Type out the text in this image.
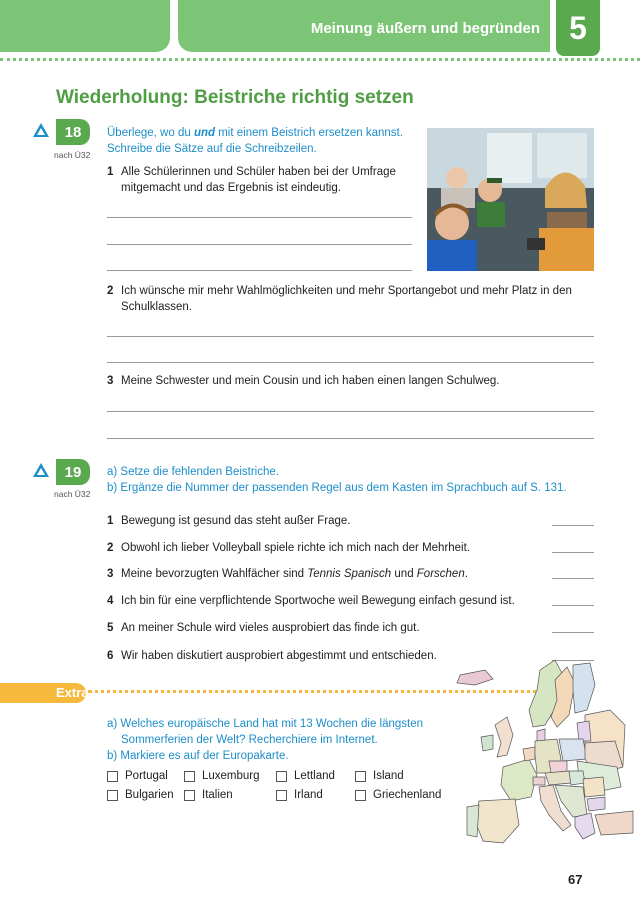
Meinung äußern und begründen 5
Wiederholung: Beistriche richtig setzen
18
nach Ü32
Überlege, wo du und mit einem Beistrich ersetzen kannst.
Schreibe die Sätze auf die Schreibzeilen.
1 Alle Schülerinnen und Schüler haben bei der Umfrage
mitgemacht und das Ergebnis ist eindeutig.
2 Ich wünsche mir mehr Wahlmöglichkeiten und mehr Sportangebot und mehr Platz in den
Schulklassen.
3 Meine Schwester und mein Cousin und ich haben einen langen Schulweg.
19
nach Ü32
a) Setze die fehlenden Beistriche.
b) Ergänze die Nummer der passenden Regel aus dem Kasten im Sprachbuch auf S. 131.
1 Bewegung ist gesund das steht außer Frage.
2 Obwohl ich lieber Volleyball spiele richte ich mich nach der Mehrheit.
3 Meine bevorzugten Wahlfächer sind Tennis Spanisch und Forschen.
4 Ich bin für eine verpflichtende Sportwoche weil Bewegung einfach gesund ist.
5 An meiner Schule wird vieles ausprobiert das finde ich gut.
6 Wir haben diskutiert ausprobiert abgestimmt und entschieden.
Extra
a) Welches europäische Land hat mit 13 Wochen die längsten
Sommerferien der Welt? Recherchiere im Internet.
b) Markiere es auf der Europakarte.
Portugal	Luxemburg	Lettland	Island
Bulgarien Italien	Irland	Griechenland
67
